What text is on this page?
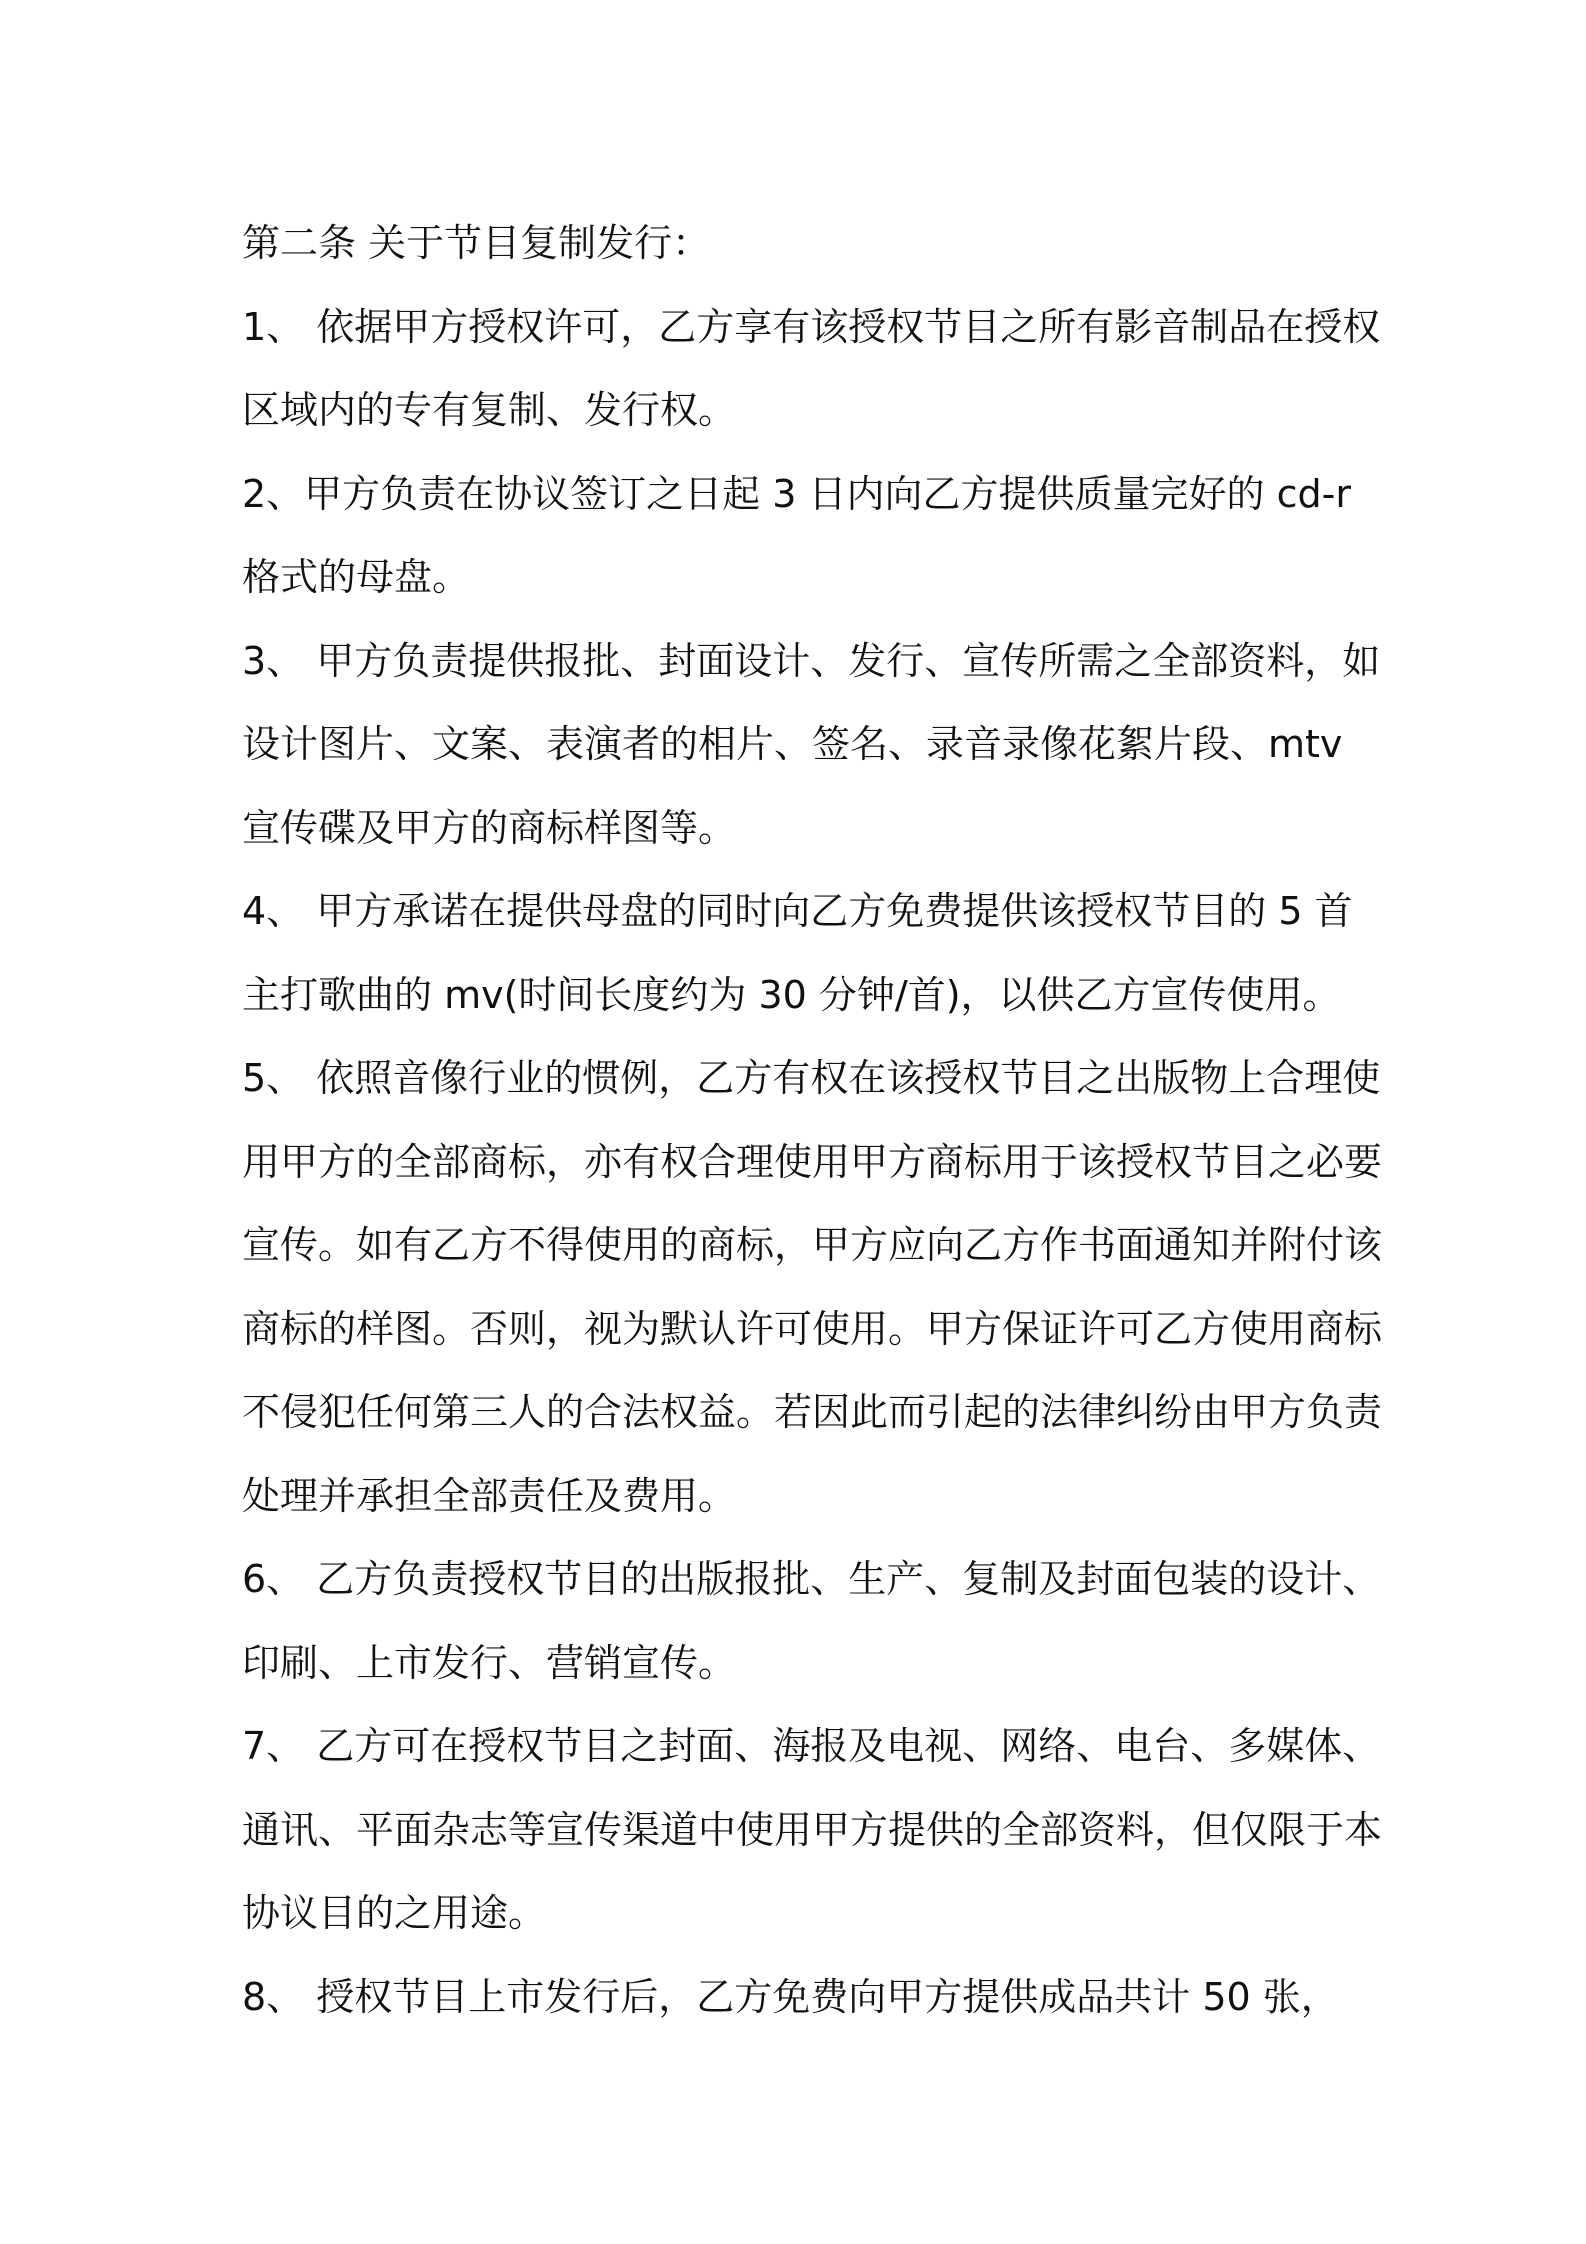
第二条 关于节目复制发行：
1、 依据甲方授权许可，乙方享有该授权节目之所有影音制品在授权
区域内的专有复制、发行权。
2、甲方负责在协议签订之日起 3 日内向乙方提供质量完好的 cd-r
格式的母盘。
3、 甲方负责提供报批、封面设计、发行、宣传所需之全部资料，如
设计图片、文案、表演者的相片、签名、录音录像花絮片段、mtv
宣传碟及甲方的商标样图等。
4、 甲方承诺在提供母盘的同时向乙方免费提供该授权节目的 5 首
主打歌曲的 mv(时间长度约为 30 分钟/首)，以供乙方宣传使用。
5、 依照音像行业的惯例，乙方有权在该授权节目之出版物上合理使
用甲方的全部商标，亦有权合理使用甲方商标用于该授权节目之必要
宣传。如有乙方不得使用的商标，甲方应向乙方作书面通知并附付该
商标的样图。否则，视为默认许可使用。甲方保证许可乙方使用商标
不侵犯任何第三人的合法权益。若因此而引起的法律纠纷由甲方负责
处理并承担全部责任及费用。
6、 乙方负责授权节目的出版报批、生产、复制及封面包装的设计、
印刷、上市发行、营销宣传。
7、 乙方可在授权节目之封面、海报及电视、网络、电台、多媒体、
通讯、平面杂志等宣传渠道中使用甲方提供的全部资料，但仅限于本
协议目的之用途。
8、 授权节目上市发行后，乙方免费向甲方提供成品共计 50 张，
